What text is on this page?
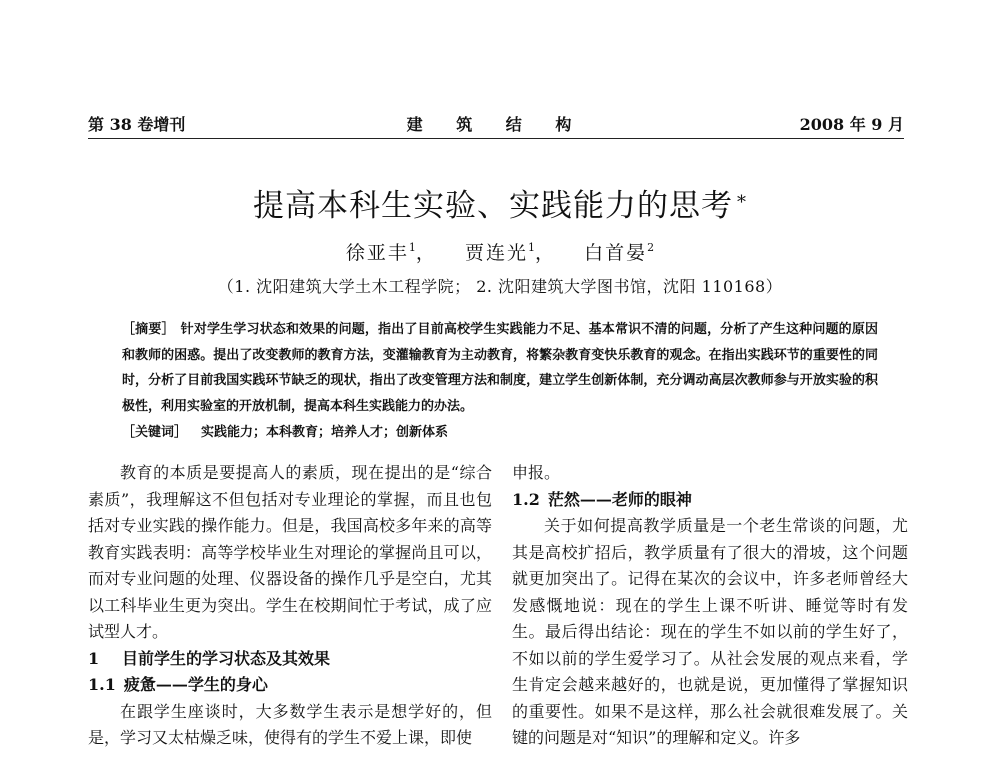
第 38 卷增刊	建 筑 结 构	2008 年 9 月
提高本科生实验、实践能力的思考 *
徐亚丰$^1$， 贾连光$^1$， 白首晏$^2$
（1. 沈阳建筑大学土木工程学院； 2. 沈阳建筑大学图书馆，沈阳 110168）
［摘要］ 针对学生学习状态和效果的问题，指出了目前高校学生实践能力不足、基本常识不清的问题，分析了产生这种问题的原因和教师的困惑。提出了改变教师的教育方法，变灌输教育为主动教育，将繁杂教育变快乐教育的观念。在指出实践环节的重要性的同时，分析了目前我国实践环节缺乏的现状，指出了改变管理方法和制度，建立学生创新体制，充分调动高层次教师参与开放实验的积极性，利用实验室的开放机制，提高本科生实践能力的办法。
［关键词］ 实践能力；本科教育；培养人才；创新体系

教育的本质是要提高人的素质，现在提出的是“综合素质”，我理解这不但包括对专业理论的掌握，而且也包括对专业实践的操作能力。但是，我国高校多年来的高等教育实践表明：高等学校毕业生对理论的掌握尚且可以，而对专业问题的处理、仪器设备的操作几乎是空白，尤其以工科毕业生更为突出。学生在校期间忙于考试，成了应试型人才。

1 目前学生的学习状态及其效果

1.1 疲惫——学生的身心

在跟学生座谈时，大多数学生表示是想学好的，但是，学习又太枯燥乏味，使得有的学生不爱上课，即使

申报。

1.2 茫然——老师的眼神

关于如何提高教学质量是一个老生常谈的问题，尤其是高校扩招后，教学质量有了很大的滑坡，这个问题就更加突出了。记得在某次的会议中，许多老师曾经大发感慨地说：现在的学生上课不听讲、睡觉等时有发生。最后得出结论：现在的学生不如以前的学生好了，不如以前的学生爱学习了。从社会发展的观点来看，学生肯定会越来越好的，也就是说，更加懂得了掌握知识的重要性。如果不是这样，那么社会就很难发展了。关键的问题是对“知识”的理解和定义。许多
